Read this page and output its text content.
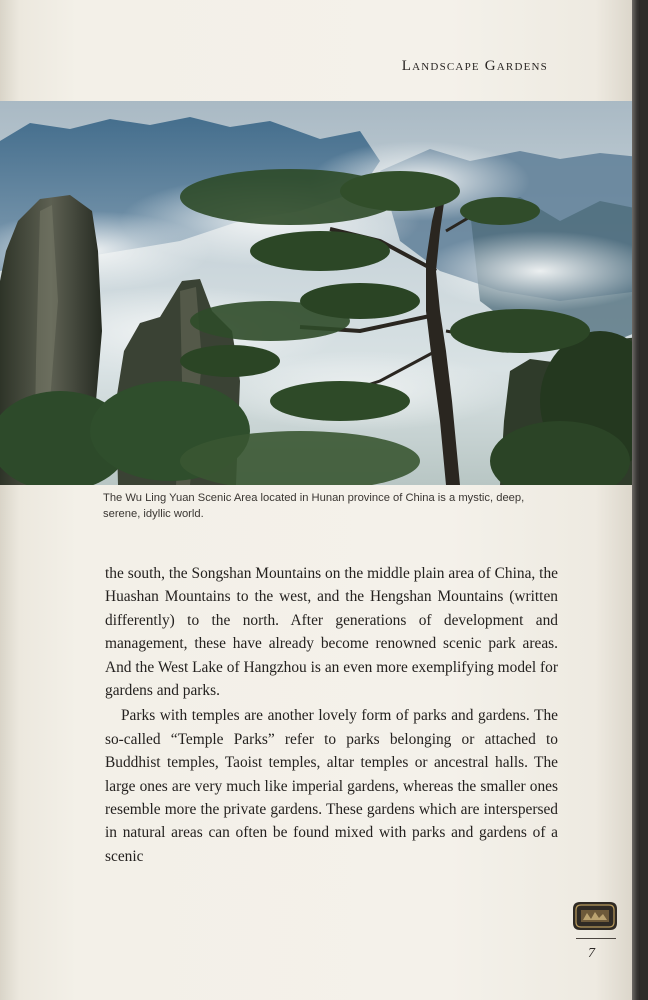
Landscape Gardens
The Wu Ling Yuan Scenic Area located in Hunan province of China is a mystic, deep, serene, idyllic world.

the south, the Songshan Mountains on the middle plain area of China, the Huashan Mountains to the west, and the Hengshan Mountains (written differently) to the north. After generations of development and management, these have already become renowned scenic park areas. And the West Lake of Hangzhou is an even more exemplifying model for gardens and parks.

Parks with temples are another lovely form of parks and gardens. The so-called “Temple Parks” refer to parks belonging or attached to Buddhist temples, Taoist temples, altar temples or ancestral halls. The large ones are very much like imperial gardens, whereas the smaller ones resemble more the private gardens. These gardens which are interspersed in natural areas can often be found mixed with parks and gardens of a scenic

7
